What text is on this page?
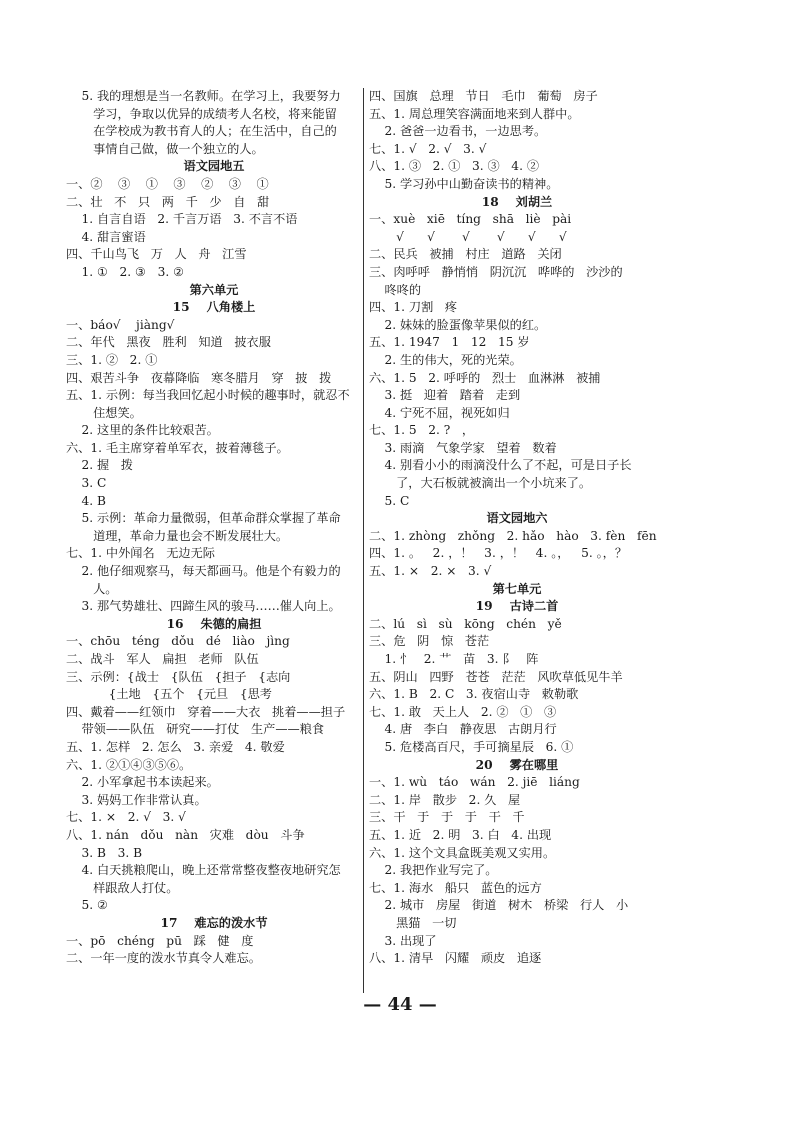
5. 我的理想是当一名教师。在学习上，我要努力
学习，争取以优异的成绩考人名校，将来能留
在学校成为教书育人的人；在生活中，自己的
事情自己做，做一个独立的人。
语文园地五
一、②    ③    ①    ③    ②    ③    ①
二、壮   不   只   两   千   少   自   甜
1. 自言自语   2. 千言万语   3. 不言不语
4. 甜言蜜语
四、千山鸟飞   万   人   舟   江雪
1. ①   2. ③   3. ②
第六单元
15    八角楼上
一、báo√    jiàng√
二、年代   黑夜   胜利   知道   披衣服
三、1. ②   2. ①
四、艰苦斗争   夜幕降临   寒冬腊月   穿   披   拨
五、1. 示例：每当我回忆起小时候的趣事时，就忍不
住想笑。
2. 这里的条件比较艰苦。
六、1. 毛主席穿着单军衣，披着薄毯子。
2. 握   拨
3. C
4. B
5. 示例：革命力量微弱，但革命群众掌握了革命
道理，革命力量也会不断发展壮大。
七、1. 中外闻名   无边无际
2. 他仔细观察马，每天都画马。他是个有毅力的
人。
3. 那气势雄壮、四蹄生风的骏马……催人向上。
16    朱德的扁担
一、chōu   téng   dǒu   dé   liào   jìng
二、战斗   军人   扁担   老师   队伍
三、示例：{战士   {队伍   {担子   {志向
{土地   {五个   {元旦   {思考
四、戴着——红领巾   穿着——大衣   挑着——担子
带领——队伍   研究——打仗   生产——粮食
五、1. 怎样   2. 怎么   3. 亲爱   4. 敬爱
六、1. ②①④③⑤⑥。
2. 小军拿起书本读起来。
3. 妈妈工作非常认真。
七、1. ×   2. √   3. √
八、1. nán   dǒu   nàn   灾难   dòu   斗争
3. B   3. B
4. 白天挑粮爬山，晚上还常常整夜整夜地研究怎
样跟敌人打仗。
5. ②
17    难忘的泼水节
一、pō   chéng   pū   踩   健   度
二、一年一度的泼水节真令人难忘。
四、国旗   总理   节日   毛巾   葡萄   房子
五、1. 周总理笑容满面地来到人群中。
2. 爸爸一边看书，一边思考。
七、1. √   2. √   3. √
八、1. ③   2. ①   3. ③   4. ②
5. 学习孙中山勤奋读书的精神。
18    刘胡兰
一、xuè   xiē   tíng   shā   liè   pài
√      √       √       √      √      √
二、民兵   被捕   村庄   道路   关闭
三、肉呼呼   静悄悄   阴沉沉   哗哗的   沙沙的
咚咚的
四、1. 刀割   疼
2. 妹妹的脸蛋像苹果似的红。
五、1. 1947   1   12   15 岁
2. 生的伟大，死的光荣。
六、1. 5   2. 呼呼的   烈士   血淋淋   被捕
3. 挺   迎着   踏着   走到
4. 宁死不屈，视死如归
七、1. 5   2. ?   ，
3. 雨滴   气象学家   望着   数着
4. 别看小小的雨滴没什么了不起，可是日子长
了，大石板就被滴出一个小坑来了。
5. C
语文园地六
二、1. zhòng   zhǒng   2. hǎo   hào   3. fèn   fēn
四、1. 。   2. ，！   3. ，！   4. 。，   5. 。，？
五、1. ×   2. ×   3. √
第七单元
19    古诗二首
二、lú   sì   sù   kōng   chén   yě
三、危   阴   惊   苍茫
1. 忄   2. 艹   苗   3. 阝   阵
五、阴山   四野   苍苍   茫茫   风吹草低见牛羊
六、1. B   2. C   3. 夜宿山寺   敕勒歌
七、1. 敢   天上人   2. ②   ①   ③
4. 唐   李白   静夜思   古朗月行
5. 危楼高百尺，手可摘星辰   6. ①
20    雾在哪里
一、1. wù   táo   wán   2. jiē   liáng
二、1. 岸   散步   2. 久   屋
三、干   于   于   于   干   千
五、1. 近   2. 明   3. 白   4. 出现
六、1. 这个文具盒既美观又实用。
2. 我把作业写完了。
七、1. 海水   船只   蓝色的远方
2. 城市   房屋   街道   树木   桥梁   行人   小
黑猫   一切
3. 出现了
八、1. 清早   闪耀   顽皮   追逐
— 44 —
